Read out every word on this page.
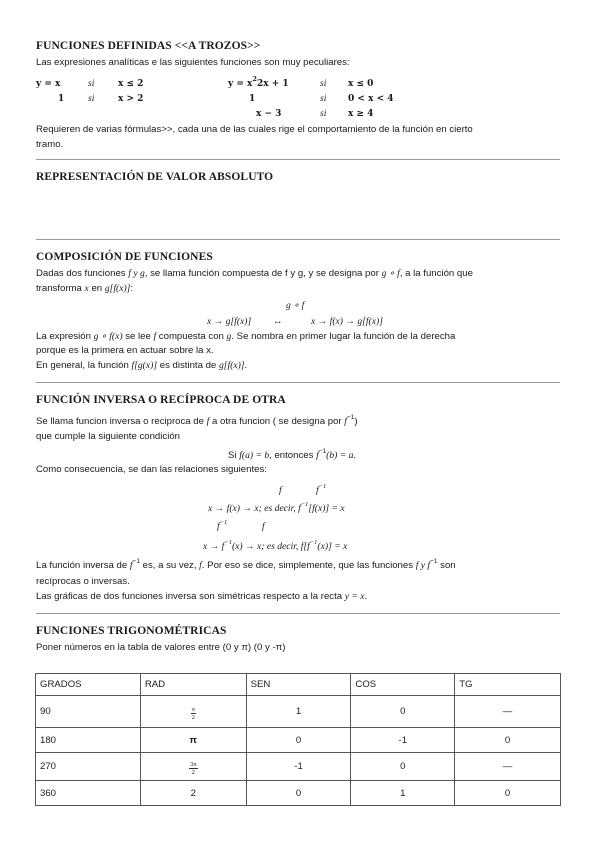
FUNCIONES DEFINIDAS <<A TROZOS>>
Las expresiones analíticas e las siguientes funciones son muy peculiares:
y = x	si	x ≤ 2
1 si	x > 2
$y = x^22x + 1$	si x ≤ 0
1	si 0 < x < 4
x − 3	si x ≥ 4
Requieren de varias fórmulas>>, cada una de las cuales rige el comportamiento de la función en cierto
tramo.
REPRESENTACIÓN DE VALOR ABSOLUTO
COMPOSICIÓN DE FUNCIONES
Dadas dos funciones f y g, se llama función compuesta de f y g, y se designa por g ∘ f, a la función que
transforma x en g[f(x)]:
g ∘ f
x → g[f(x)] ↔	x → f(x) → g[f(x)]
La expresión g ∘ f(x) se lee f compuesta con g. Se nombra en primer lugar la función de la derecha
porque es la primera en actuar sobre la x.
En general, la función f[g(x)] es distinta de g[f(x)].
FUNCIÓN INVERSA O RECÍPROCA DE OTRA
Se llama funcion inversa o reciproca de f a otra funcion ( se designa por $f^{-1}$)
que cumple la siguiente condición
Si f(a) = b, entonces $f^{-1}(b) = a$.
Como consecuencia, se dan las relaciones siguientes:
f	$f^{-1}$
x → f(x) → x; es decir, $f^{-1}[f(x)] = x$
$f^{-1}$	f
$x \to f^{-1}(x) \to x$; es decir, $f[f^{-1}(x)] = x$
La función inversa de $f^{-1}$ es, a su vez, f. Por eso se dice, simplemente, que las funciones f y $f^{-1}$ son
recíprocas o inversas.
Las gráficas de dos funciones inversa son simétricas respecto a la recta y = x.
FUNCIONES TRIGONOMÉTRICAS
Poner números en la tabla de valores entre (0 y π) (0 y -π)
GRADOS	RAD	SEN	COS	TG
90	$\frac{\pi}{2}$	1	0	—
180	π	0	-1	0
270	$\frac{3\pi}{2}$	-1	0	—
360	2	0	1	0
